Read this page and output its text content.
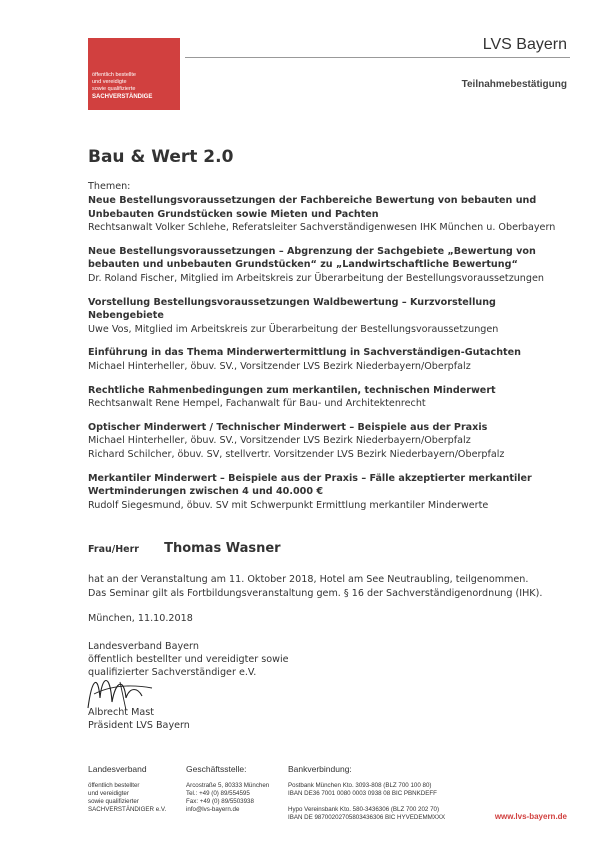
öffentlich bestellte
und vereidigte
sowie qualifizierte
SACHVERSTÄNDIGE
LVS Bayern
Teilnahmebestätigung
Bau & Wert 2.0
Themen:
Neue Bestellungsvoraussetzungen der Fachbereiche Bewertung von bebauten und
Unbebauten Grundstücken sowie Mieten und Pachten
Rechtsanwalt Volker Schlehe, Referatsleiter Sachverständigenwesen IHK München u. Oberbayern
Neue Bestellungsvoraussetzungen – Abgrenzung der Sachgebiete „Bewertung von
bebauten und unbebauten Grundstücken“ zu „Landwirtschaftliche Bewertung“
Dr. Roland Fischer, Mitglied im Arbeitskreis zur Überarbeitung der Bestellungsvoraussetzungen
Vorstellung Bestellungsvoraussetzungen Waldbewertung – Kurzvorstellung Nebengebiete
Uwe Vos, Mitglied im Arbeitskreis zur Überarbeitung der Bestellungsvoraussetzungen
Einführung in das Thema Minderwertermittlung in Sachverständigen-Gutachten
Michael Hinterheller, öbuv. SV., Vorsitzender LVS Bezirk Niederbayern/Oberpfalz
Rechtliche Rahmenbedingungen zum merkantilen, technischen Minderwert
Rechtsanwalt Rene Hempel, Fachanwalt für Bau- und Architektenrecht
Optischer Minderwert / Technischer Minderwert – Beispiele aus der Praxis
Michael Hinterheller, öbuv. SV., Vorsitzender LVS Bezirk Niederbayern/Oberpfalz
Richard Schilcher, öbuv. SV, stellvertr. Vorsitzender LVS Bezirk Niederbayern/Oberpfalz
Merkantiler Minderwert – Beispiele aus der Praxis – Fälle akzeptierter merkantiler
Wertminderungen zwischen 4 und 40.000 €
Rudolf Siegesmund, öbuv. SV mit Schwerpunkt Ermittlung merkantiler Minderwerte
Frau/Herr Thomas Wasner
hat an der Veranstaltung am 11. Oktober 2018, Hotel am See Neutraubling, teilgenommen.
Das Seminar gilt als Fortbildungsveranstaltung gem. § 16 der Sachverständigenordnung (IHK).
München, 11.10.2018
Landesverband Bayern
öffentlich bestellter und vereidigter sowie
qualifizierter Sachverständiger e.V.

Albrecht Mast
Präsident LVS Bayern
Landesverband
öffentlich bestellter
und vereidigter
sowie qualifizierter
SACHVERSTÄNDIGER e.V.
Geschäftsstelle:
Arcostraße 5, 80333 München
Tel.: +49 (0) 89/554595
Fax: +49 (0) 89/5503938
info@lvs-bayern.de
Bankverbindung:
Postbank München Kto. 3093-808 (BLZ 700 100 80)
IBAN DE36 7001 0080 0003 0938 08 BIC PBNKDEFF

Hypo Vereinsbank Kto. 580-3436306 (BLZ 700 202 70)
IBAN DE 98700202705803436306 BIC HYVEDEMMXXX	www.lvs-bayern.de
